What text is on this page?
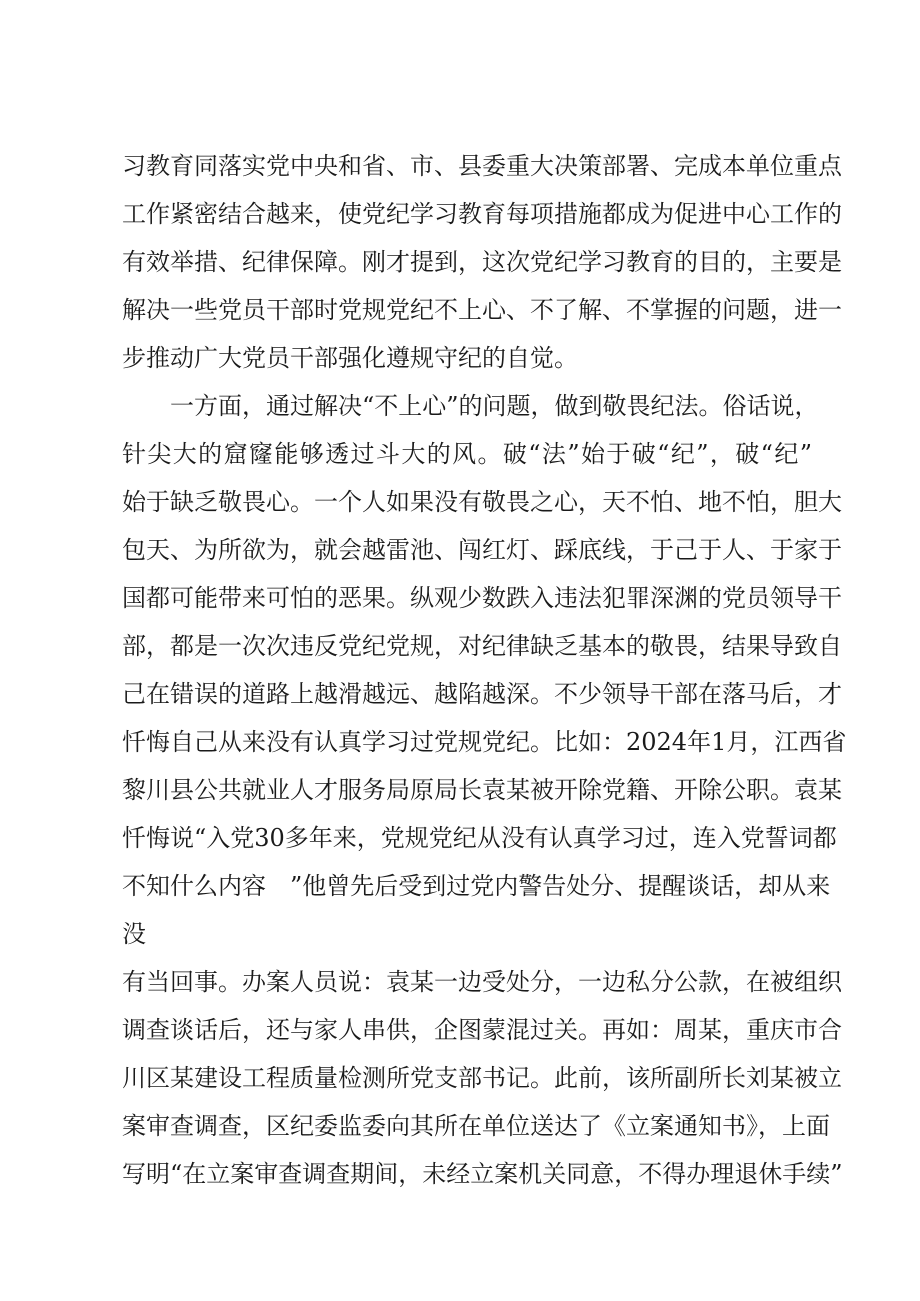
习教育同落实党中央和省、市、县委重大决策部署、完成本单位重点
工作紧密结合越来，使党纪学习教育每项措施都成为促进中心工作的
有效举措、纪律保障。刚才提到，这次党纪学习教育的目的，主要是
解决一些党员干部时党规党纪不上心、不了解、不掌握的问题，进一
步推动广大党员干部强化遵规守纪的自觉。
一方面，通过解决“不上心”的问题，做到敬畏纪法。俗话说，
针尖大的窟窿能够透过斗大的风。破“法”始于破“纪”，破“纪”
始于缺乏敬畏心。一个人如果没有敬畏之心，天不怕、地不怕，胆大
包天、为所欲为，就会越雷池、闯红灯、踩底线，于己于人、于家于
国都可能带来可怕的恶果。纵观少数跌入违法犯罪深渊的党员领导干
部，都是一次次违反党纪党规，对纪律缺乏基本的敬畏，结果导致自
己在错误的道路上越滑越远、越陷越深。不少领导干部在落马后，才
忏悔自己从来没有认真学习过党规党纪。比如：2024年1月，江西省
黎川县公共就业人才服务局原局长袁某被开除党籍、开除公职。袁某
忏悔说“入党30多年来，党规党纪从没有认真学习过，连入党誓词都
不知什么内容　”他曾先后受到过党内警告处分、提醒谈话，却从来
没
有当回事。办案人员说：袁某一边受处分，一边私分公款，在被组织
调查谈话后，还与家人串供，企图蒙混过关。再如：周某，重庆市合
川区某建设工程质量检测所党支部书记。此前，该所副所长刘某被立
案审查调查，区纪委监委向其所在单位送达了《立案通知书》，上面
写明“在立案审查调查期间，未经立案机关同意，不得办理退休手续”
